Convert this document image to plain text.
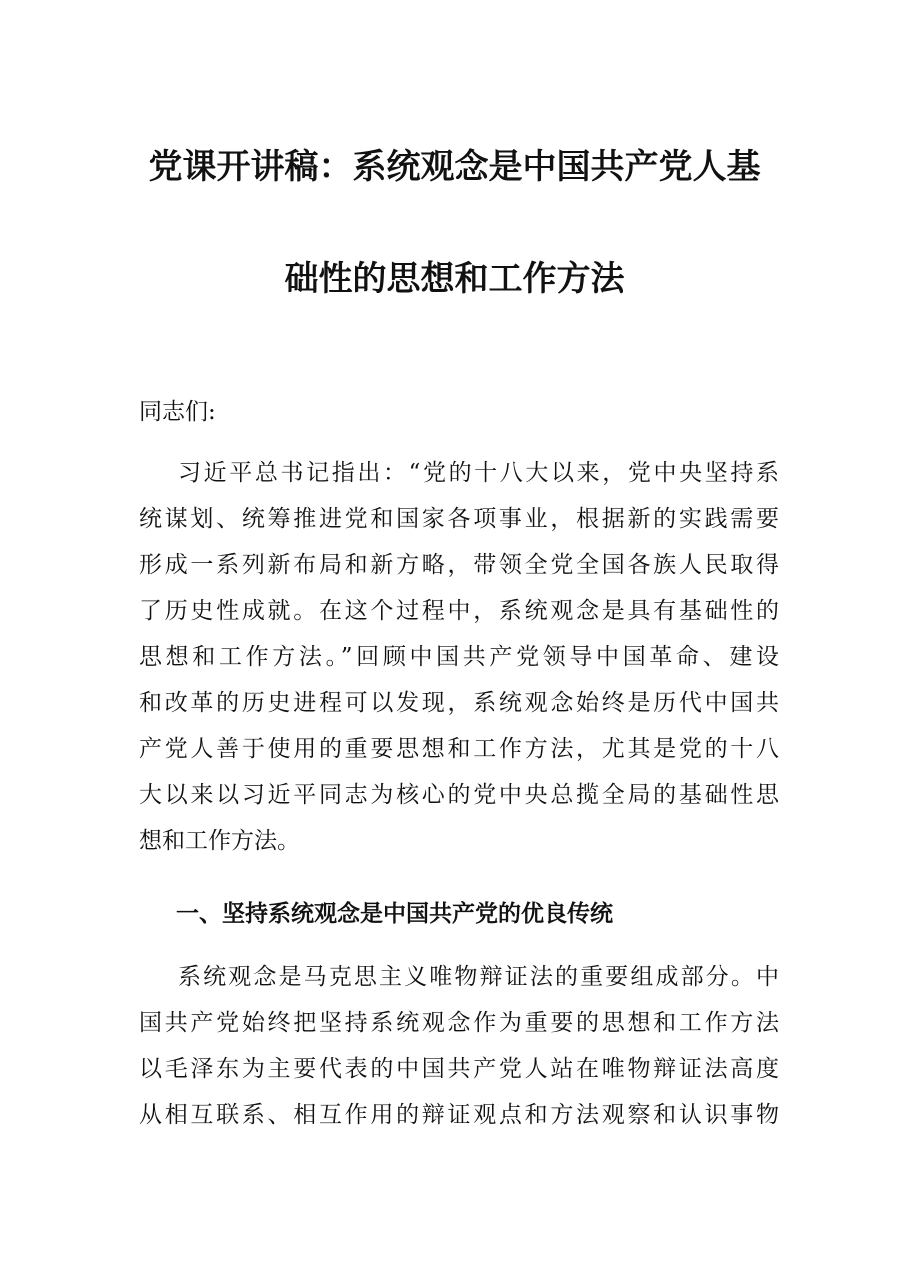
党课开讲稿：系统观念是中国共产党人基
础性的思想和工作方法

同志们:

习近平总书记指出：“党的十八大以来，党中央坚持系
统谋划、统筹推进党和国家各项事业，根据新的实践需要
形成一系列新布局和新方略，带领全党全国各族人民取得
了历史性成就。在这个过程中，系统观念是具有基础性的
思想和工作方法。”回顾中国共产党领导中国革命、建设
和改革的历史进程可以发现，系统观念始终是历代中国共
产党人善于使用的重要思想和工作方法，尤其是党的十八
大以来以习近平同志为核心的党中央总揽全局的基础性思
想和工作方法。
一、坚持系统观念是中国共产党的优良传统
系统观念是马克思主义唯物辩证法的重要组成部分。中
国共产党始终把坚持系统观念作为重要的思想和工作方法
以毛泽东为主要代表的中国共产党人站在唯物辩证法高度
从相互联系、相互作用的辩证观点和方法观察和认识事物
